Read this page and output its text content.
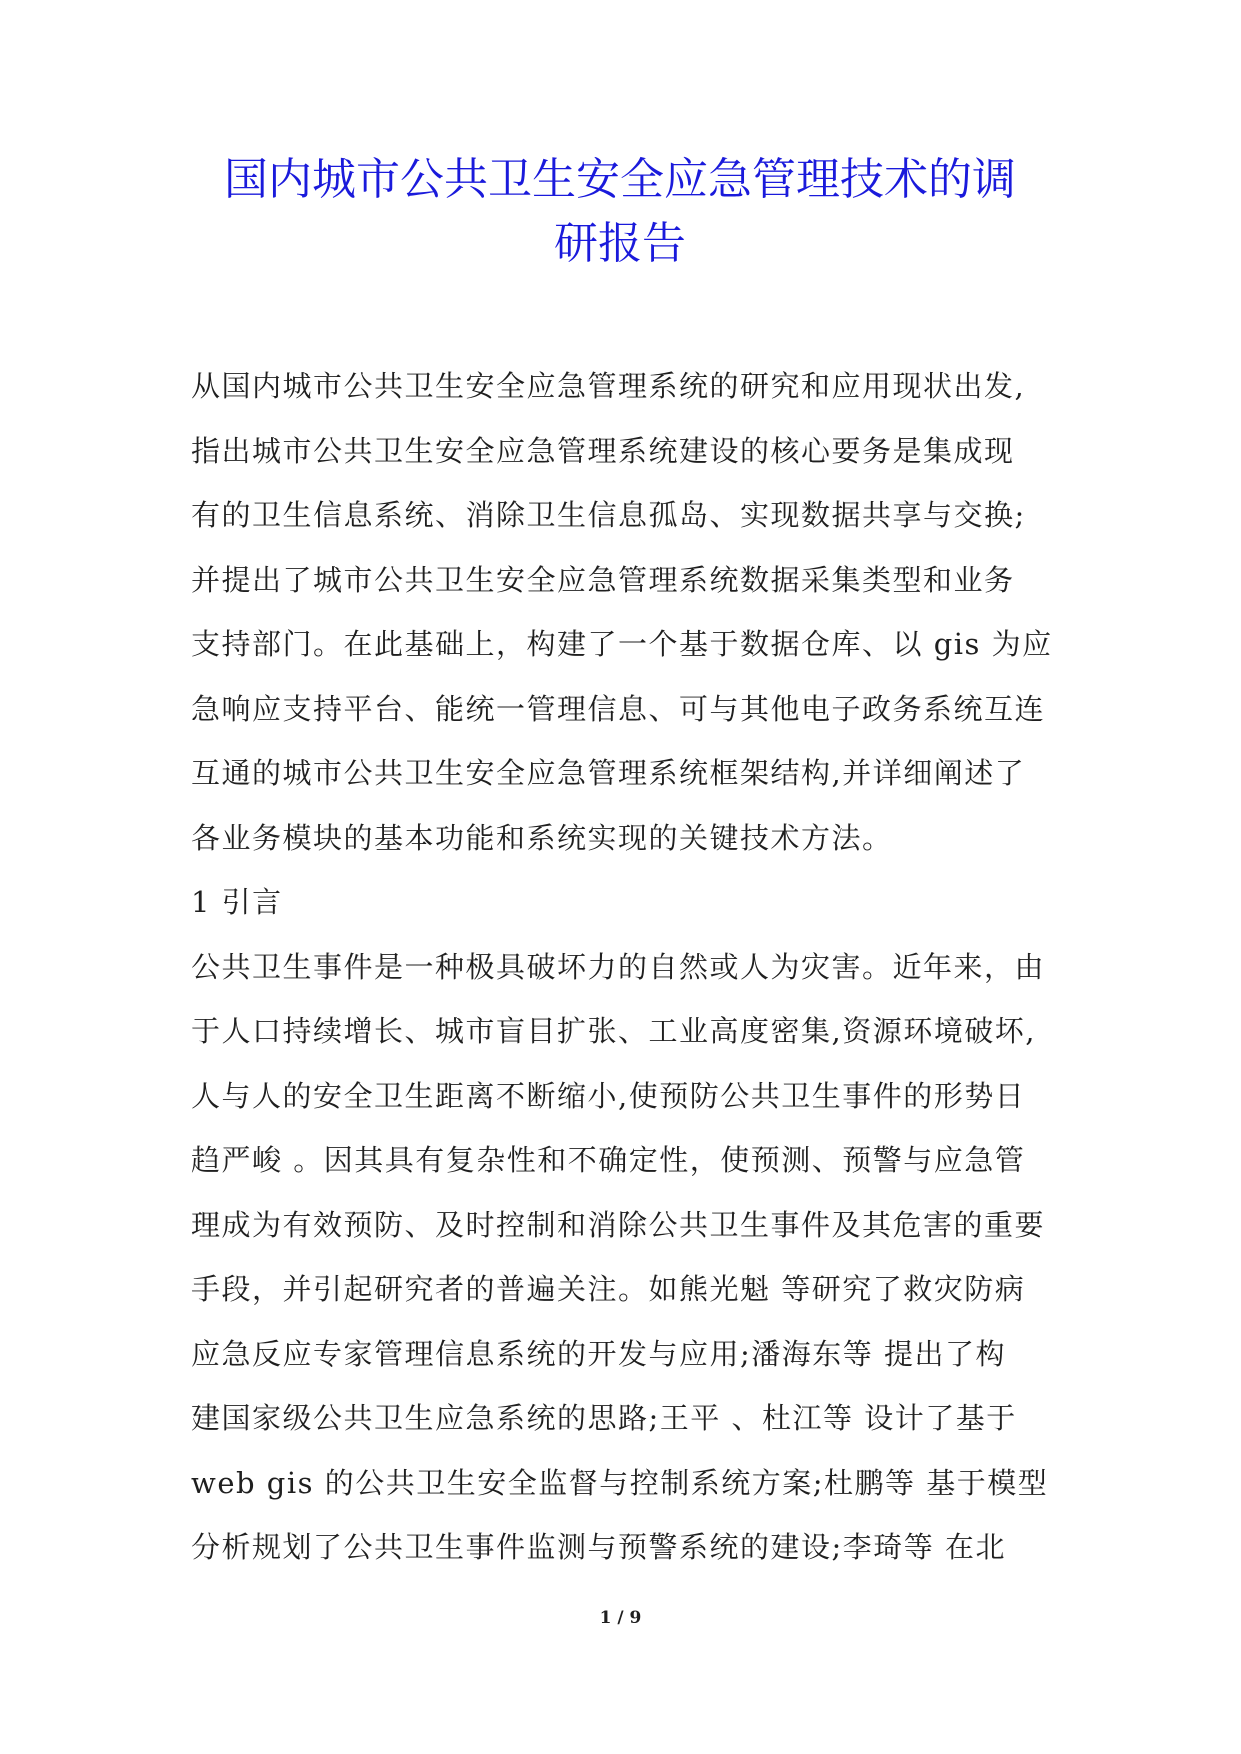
国内城市公共卫生安全应急管理技术的调
研报告
从国内城市公共卫生安全应急管理系统的研究和应用现状出发,
指出城市公共卫生安全应急管理系统建设的核心要务是集成现
有的卫生信息系统、消除卫生信息孤岛、实现数据共享与交换;
并提出了城市公共卫生安全应急管理系统数据采集类型和业务
支持部门。在此基础上，构建了一个基于数据仓库、以 gis 为应
急响应支持平台、能统一管理信息、可与其他电子政务系统互连
互通的城市公共卫生安全应急管理系统框架结构,并详细阐述了
各业务模块的基本功能和系统实现的关键技术方法。
1 引言
公共卫生事件是一种极具破坏力的自然或人为灾害。近年来，由
于人口持续增长、城市盲目扩张、工业高度密集,资源环境破坏,
人与人的安全卫生距离不断缩小,使预防公共卫生事件的形势日
趋严峻 。因其具有复杂性和不确定性，使预测、预警与应急管
理成为有效预防、及时控制和消除公共卫生事件及其危害的重要
手段，并引起研究者的普遍关注。如熊光魁 等研究了救灾防病
应急反应专家管理信息系统的开发与应用;潘海东等 提出了构
建国家级公共卫生应急系统的思路;王平 、杜江等 设计了基于
web gis 的公共卫生安全监督与控制系统方案;杜鹏等 基于模型
分析规划了公共卫生事件监测与预警系统的建设;李琦等 在北
1 / 9
